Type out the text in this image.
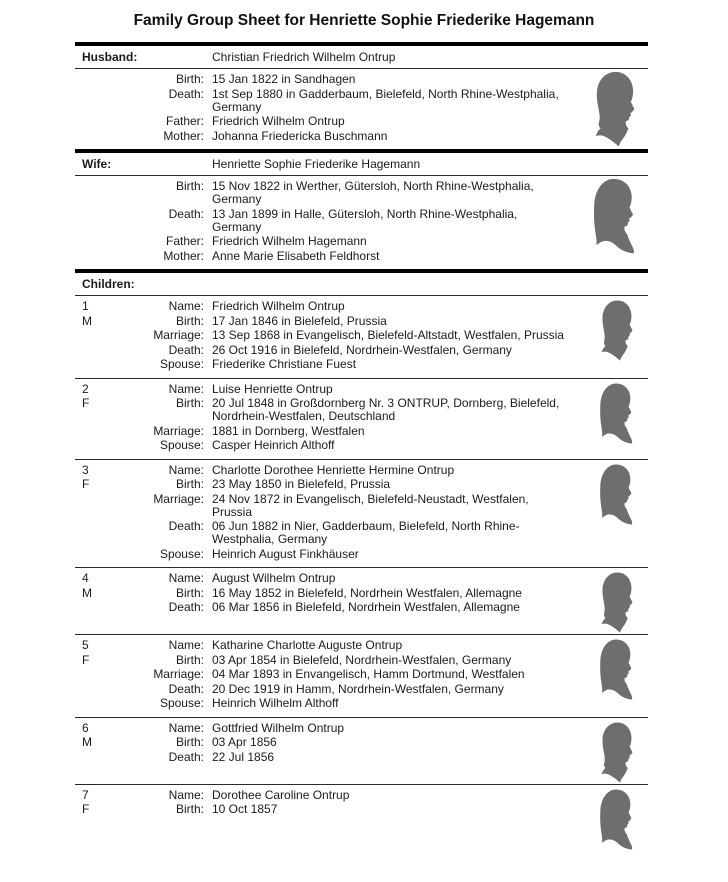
Family Group Sheet for Henriette Sophie Friederike Hagemann
Husband:	Christian Friedrich Wilhelm Ontrup
Birth: 15 Jan 1822 in Sandhagen
Death: 1st Sep 1880 in Gadderbaum, Bielefeld, North Rhine-Westphalia, Germany
Father: Friedrich Wilhelm Ontrup
Mother: Johanna Friedericka Buschmann
Wife:	Henriette Sophie Friederike Hagemann
Birth: 15 Nov 1822 in Werther, Gütersloh, North Rhine-Westphalia, Germany
Death: 13 Jan 1899 in Halle, Gütersloh, North Rhine-Westphalia, Germany
Father: Friedrich Wilhelm Hagemann
Mother: Anne Marie Elisabeth Feldhorst
Children:
1
M
Name: Friedrich Wilhelm Ontrup
Birth: 17 Jan 1846 in Bielefeld, Prussia
Marriage: 13 Sep 1868 in Evangelisch, Bielefeld-Altstadt, Westfalen, Prussia
Death: 26 Oct 1916 in Bielefeld, Nordrhein-Westfalen, Germany
Spouse: Friederike Christiane Fuest
2
F
Name: Luise Henriette Ontrup
Birth: 20 Jul 1848 in Großdornberg Nr. 3 ONTRUP, Dornberg, Bielefeld, Nordrhein-Westfalen, Deutschland
Marriage: 1881 in Dornberg, Westfalen
Spouse: Casper Heinrich Althoff
3
F
Name: Charlotte Dorothee Henriette Hermine Ontrup
Birth: 23 May 1850 in Bielefeld, Prussia
Marriage: 24 Nov 1872 in Evangelisch, Bielefeld-Neustadt, Westfalen, Prussia
Death: 06 Jun 1882 in Nier, Gadderbaum, Bielefeld, North Rhine-Westphalia, Germany
Spouse: Heinrich August Finkhäuser
4
M
Name: August Wilhelm Ontrup
Birth: 16 May 1852 in Bielefeld, Nordrhein Westfalen, Allemagne
Death: 06 Mar 1856 in Bielefeld, Nordrhein Westfalen, Allemagne
5
F
Name: Katharine Charlotte Auguste Ontrup
Birth: 03 Apr 1854 in Bielefeld, Nordrhein-Westfalen, Germany
Marriage: 04 Mar 1893 in Envangelisch, Hamm Dortmund, Westfalen
Death: 20 Dec 1919 in Hamm, Nordrhein-Westfalen, Germany
Spouse: Heinrich Wilhelm Althoff
6
M
Name: Gottfried Wilhelm Ontrup
Birth: 03 Apr 1856
Death: 22 Jul 1856
7
F
Name: Dorothee Caroline Ontrup
Birth: 10 Oct 1857
